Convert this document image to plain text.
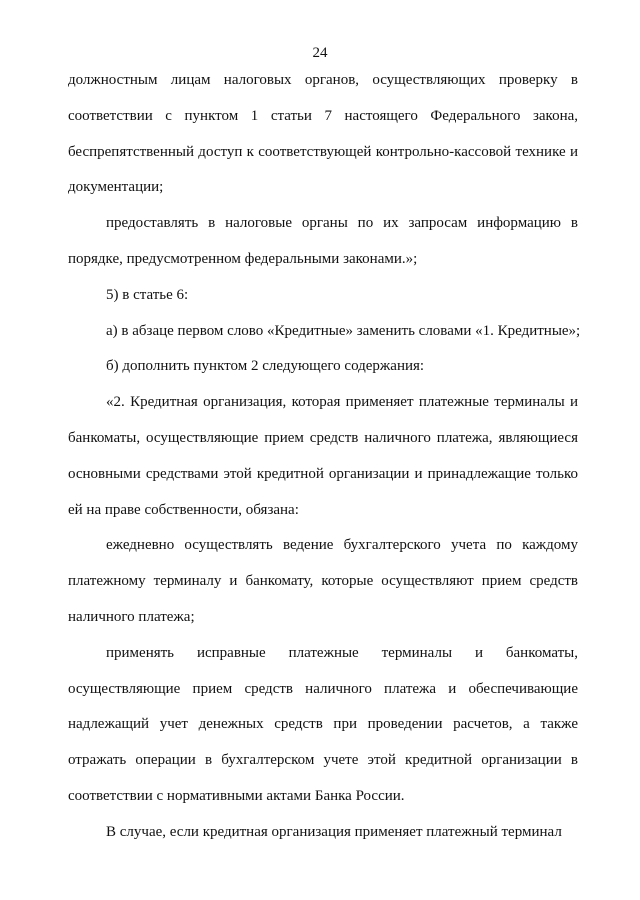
24
должностным лицам налоговых органов, осуществляющих проверку в
соответствии с пунктом 1 статьи 7 настоящего Федерального закона,
беспрепятственный доступ к соответствующей контрольно-кассовой технике и
документации;
предоставлять в налоговые органы по их запросам информацию в
порядке, предусмотренном федеральными законами.»;
5) в статье 6:
а) в абзаце первом слово «Кредитные» заменить словами «1. Кредитные»;
б) дополнить пунктом 2 следующего содержания:
«2. Кредитная организация, которая применяет платежные терминалы и
банкоматы, осуществляющие прием средств наличного платежа, являющиеся
основными средствами этой кредитной организации и принадлежащие только
ей на праве собственности, обязана:
ежедневно осуществлять ведение бухгалтерского учета по каждому
платежному терминалу и банкомату, которые осуществляют прием средств
наличного платежа;
применять исправные платежные терминалы и банкоматы,
осуществляющие прием средств наличного платежа и обеспечивающие
надлежащий учет денежных средств при проведении расчетов, а также
отражать операции в бухгалтерском учете этой кредитной организации в
соответствии с нормативными актами Банка России.
В случае, если кредитная организация применяет платежный терминал
